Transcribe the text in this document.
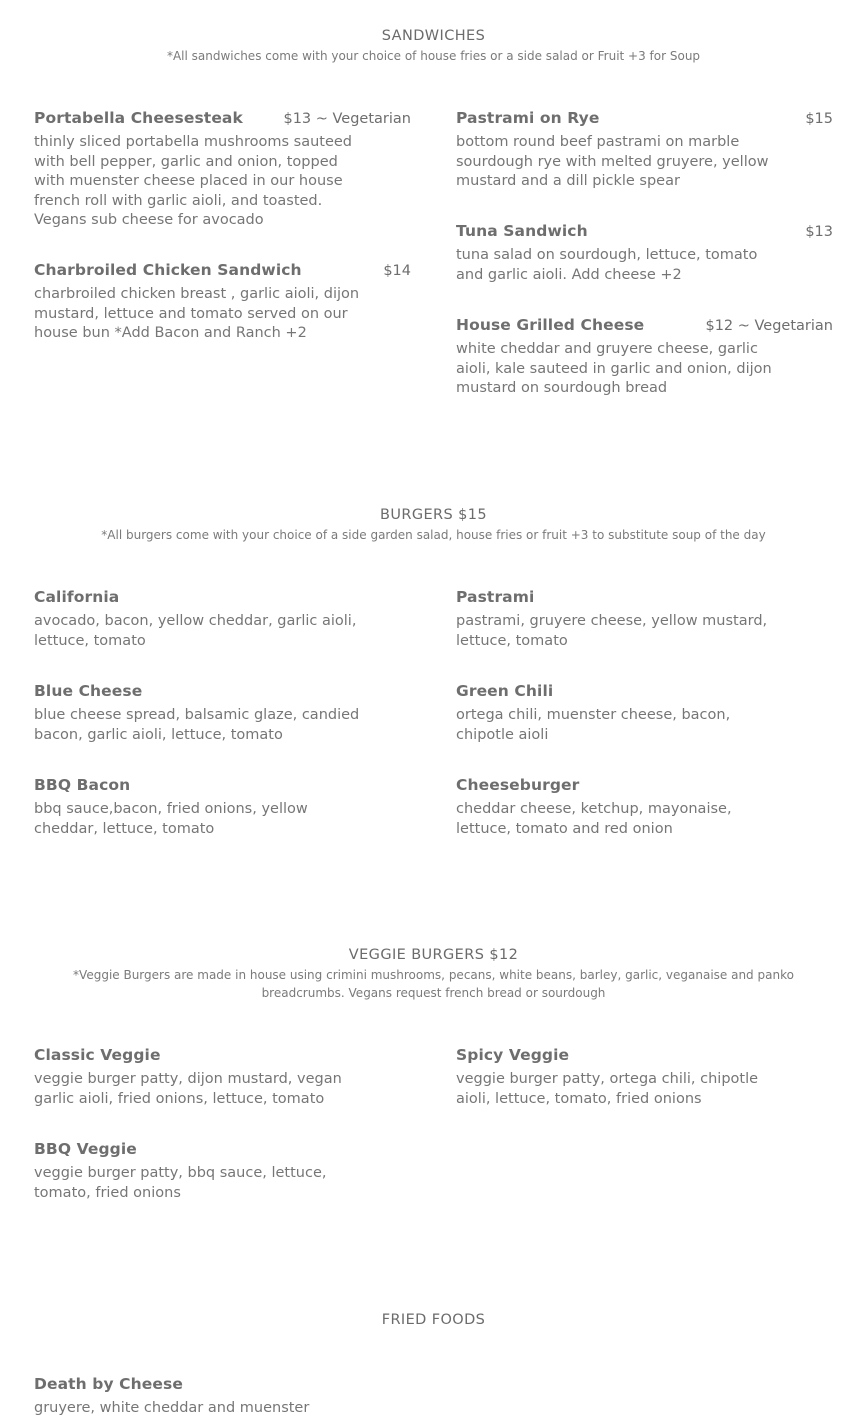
SANDWICHES
*All sandwiches come with your choice of house fries or a side salad or Fruit +3 for Soup
Portabella Cheesesteak	$13 ~ Vegetarian
thinly sliced portabella mushrooms sauteed with bell pepper, garlic and onion, topped with muenster cheese placed in our house french roll with garlic aioli, and toasted. Vegans sub cheese for avocado
Charbroiled Chicken Sandwich	$14
charbroiled chicken breast , garlic aioli, dijon mustard, lettuce and tomato served on our house bun *Add Bacon and Ranch +2
Pastrami on Rye	$15
bottom round beef pastrami on marble sourdough rye with melted gruyere, yellow mustard and a dill pickle spear
Tuna Sandwich	$13
tuna salad on sourdough, lettuce, tomato and garlic aioli. Add cheese +2
House Grilled Cheese	$12 ~ Vegetarian
white cheddar and gruyere cheese, garlic aioli, kale sauteed in garlic and onion, dijon mustard on sourdough bread
BURGERS $15
*All burgers come with your choice of a side garden salad, house fries or fruit +3 to substitute soup of the day
California
avocado, bacon, yellow cheddar, garlic aioli, lettuce, tomato
Blue Cheese
blue cheese spread, balsamic glaze, candied bacon, garlic aioli, lettuce, tomato
BBQ Bacon
bbq sauce,bacon, fried onions, yellow cheddar, lettuce, tomato
Pastrami
pastrami, gruyere cheese, yellow mustard, lettuce, tomato
Green Chili
ortega chili, muenster cheese, bacon, chipotle aioli
Cheeseburger
cheddar cheese, ketchup, mayonaise, lettuce, tomato and red onion
VEGGIE BURGERS $12
*Veggie Burgers are made in house using crimini mushrooms, pecans, white beans, barley, garlic, veganaise and panko breadcrumbs. Vegans request french bread or sourdough
Classic Veggie
veggie burger patty, dijon mustard, vegan garlic aioli, fried onions, lettuce, tomato
BBQ Veggie
veggie burger patty, bbq sauce, lettuce, tomato, fried onions
Spicy Veggie
veggie burger patty, ortega chili, chipotle aioli, lettuce, tomato, fried onions
FRIED FOODS
Death by Cheese
gruyere, white cheddar and muenster
